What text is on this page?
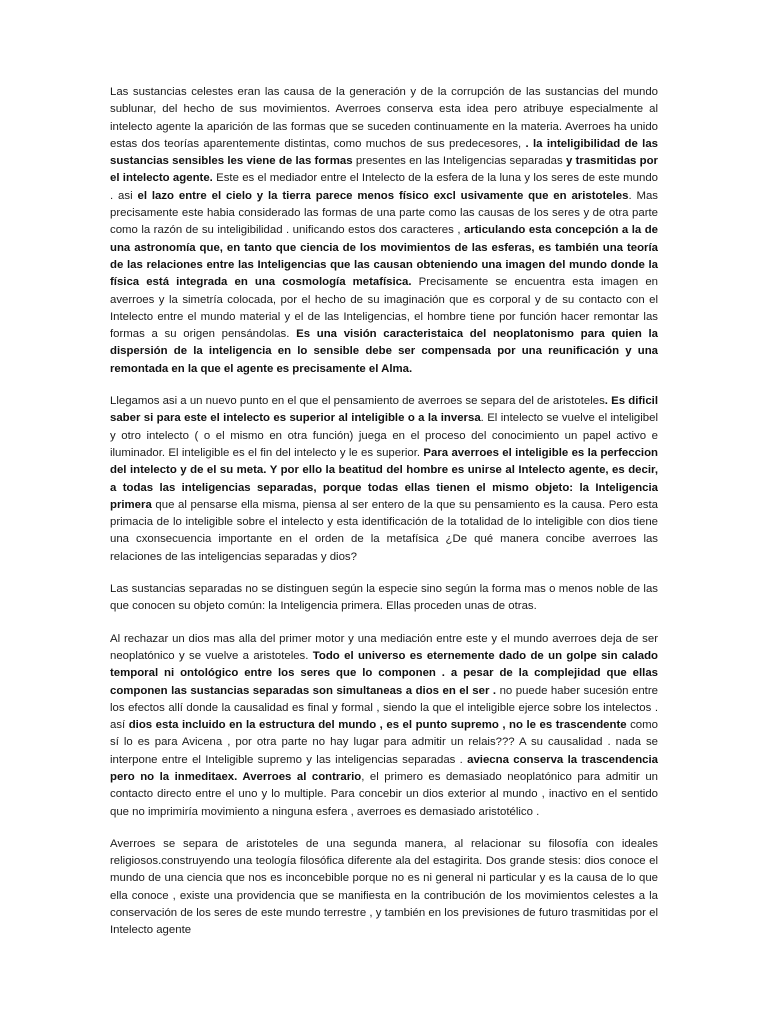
Las sustancias celestes eran las causa de la generación y de la corrupción de las sustancias del mundo sublunar, del hecho de sus movimientos. Averroes conserva esta idea pero atribuye especialmente al intelecto agente la aparición de las formas que se suceden continuamente en la materia. Averroes ha unido estas dos teorías aparentemente distintas, como muchos de sus predecesores, . la inteligibilidad de las sustancias sensibles les viene de las formas presentes en las Inteligencias separadas y trasmitidas por el intelecto agente. Este es el mediador entre el Intelecto de la esfera de la luna y los seres de este mundo . asi el lazo entre el cielo y la tierra parece menos físico excl usivamente que en aristoteles. Mas precisamente este habia considerado las formas de una parte como las causas de los seres y de otra parte como la razón de su inteligibilidad . unificando estos dos caracteres , articulando esta concepción a la de una astronomía que, en tanto que ciencia de los movimientos de las esferas, es también una teoría de las relaciones entre las Inteligencias que las causan obteniendo una imagen del mundo donde la física está integrada en una cosmología metafísica. Precisamente se encuentra esta imagen en averroes y la simetría colocada, por el hecho de su imaginación que es corporal y de su contacto con el Intelecto entre el mundo material y el de las Inteligencias, el hombre tiene por función hacer remontar las formas a su origen pensándolas. Es una visión caracteristaica del neoplatonismo para quien la dispersión de la inteligencia en lo sensible debe ser compensada por una reunificación y una remontada en la que el agente es precisamente el Alma.

Llegamos asi a un nuevo punto en el que el pensamiento de averroes se separa del de aristoteles. Es dificil saber si para este el intelecto es superior al inteligible o a la inversa. El intelecto se vuelve el inteligibel y otro intelecto ( o el mismo en otra función) juega en el proceso del conocimiento un papel activo e iluminador. El inteligible es el fin del intelecto y le es superior. Para averroes el inteligible es la perfeccion del intelecto y de el su meta. Y por ello la beatitud del hombre es unirse al Intelecto agente, es decir, a todas las inteligencias separadas, porque todas ellas tienen el mismo objeto: la Inteligencia primera que al pensarse ella misma, piensa al ser entero de la que su pensamiento es la causa. Pero esta primacia de lo inteligible sobre el intelecto y esta identificación de la totalidad de lo inteligible con dios tiene una cxonsecuencia importante en el orden de la metafísica ¿De qué manera concibe averroes las relaciones de las inteligencias separadas y dios?

Las sustancias separadas no se distinguen según la especie sino según la forma mas o menos noble de las que conocen su objeto común: la Inteligencia primera. Ellas proceden unas de otras.

Al rechazar un dios mas alla del primer motor y una mediación entre este y el mundo averroes deja de ser neoplatónico y se vuelve a aristoteles. Todo el universo es eternemente dado de un golpe sin calado temporal ni ontológico entre los seres que lo componen . a pesar de la complejidad que ellas componen las sustancias separadas son simultaneas a dios en el ser . no puede haber sucesión entre los efectos allí donde la causalidad es final y formal , siendo la que el inteligible ejerce sobre los intelectos . así dios esta incluido en la estructura del mundo , es el punto supremo , no le es trascendente como sí lo es para Avicena , por otra parte no hay lugar para admitir un relais??? A su causalidad . nada se interpone entre el Inteligible supremo y las inteligencias separadas . aviecna conserva la trascendencia pero no la inmeditaex. Averroes al contrario, el primero es demasiado neoplatónico para admitir un contacto directo entre el uno y lo multiple. Para concebir un dios exterior al mundo , inactivo en el sentido que no imprimiría movimiento a ninguna esfera , averroes es demasiado aristotélico .

Averroes se separa de aristoteles de una segunda manera, al relacionar su filosofía con ideales religiosos.construyendo una teología filosófica diferente ala del estagirita. Dos grande stesis: dios conoce el mundo de una ciencia que nos es inconcebible porque no es ni general ni particular y es la causa de lo que ella conoce , existe una providencia que se manifiesta en la contribución de los movimientos celestes a la conservación de los seres de este mundo terrestre , y también en los previsiones de futuro trasmitidas por el Intelecto agente
